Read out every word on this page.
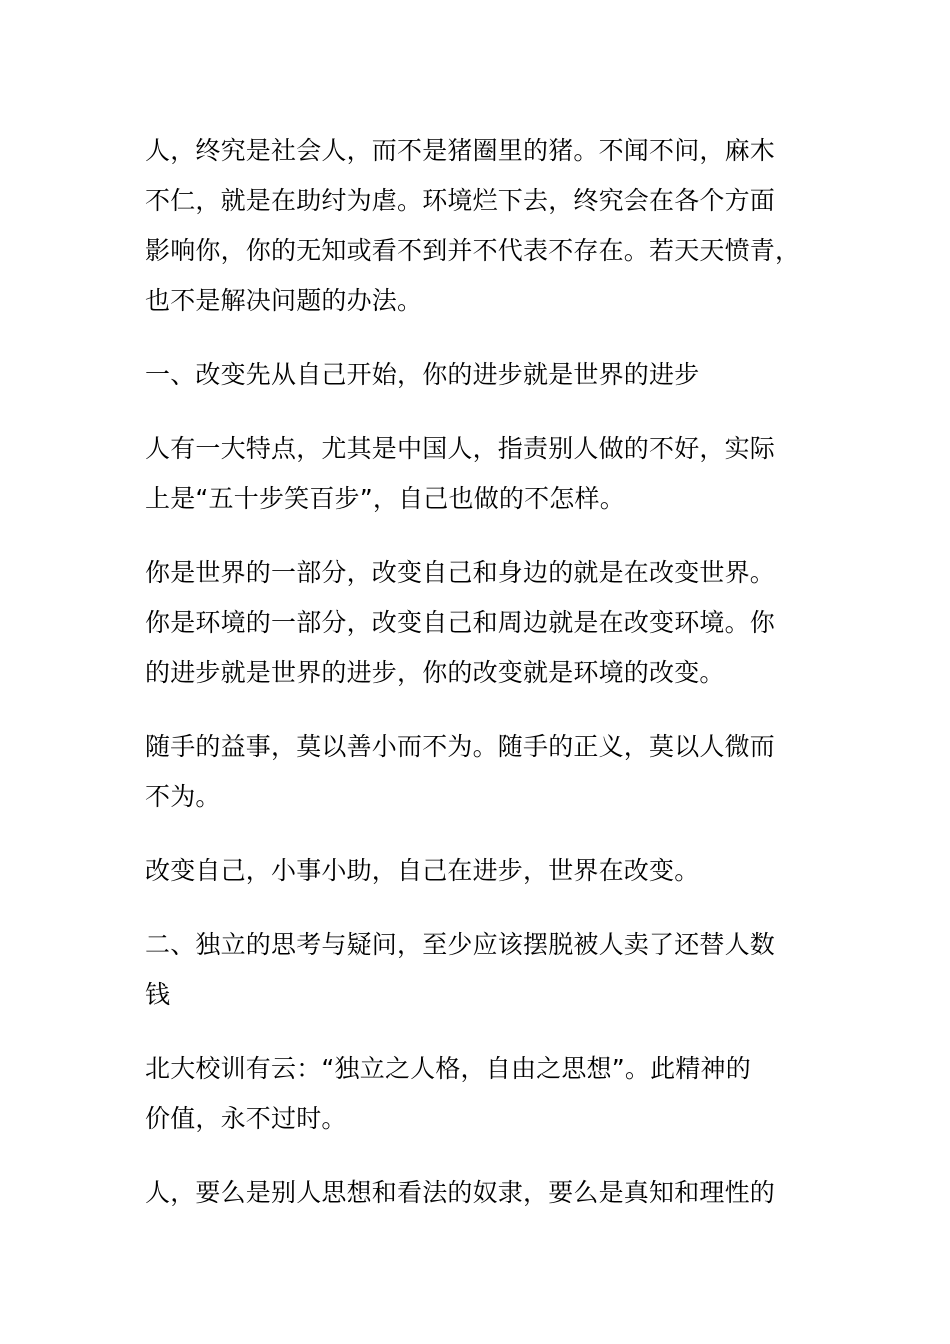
人，终究是社会人，而不是猪圈里的猪。不闻不问，麻木
不仁，就是在助纣为虐。环境烂下去，终究会在各个方面
影响你，你的无知或看不到并不代表不存在。若天天愤青，
也不是解决问题的办法。

一、改变先从自己开始，你的进步就是世界的进步

人有一大特点，尤其是中国人，指责别人做的不好，实际
上是“五十步笑百步”，自己也做的不怎样。

你是世界的一部分，改变自己和身边的就是在改变世界。
你是环境的一部分，改变自己和周边就是在改变环境。你
的进步就是世界的进步，你的改变就是环境的改变。

随手的益事，莫以善小而不为。随手的正义，莫以人微而
不为。

改变自己，小事小助，自己在进步，世界在改变。

二、独立的思考与疑问，至少应该摆脱被人卖了还替人数
钱

北大校训有云：“独立之人格，自由之思想”。此精神的
价值，永不过时。

人，要么是别人思想和看法的奴隶，要么是真知和理性的
